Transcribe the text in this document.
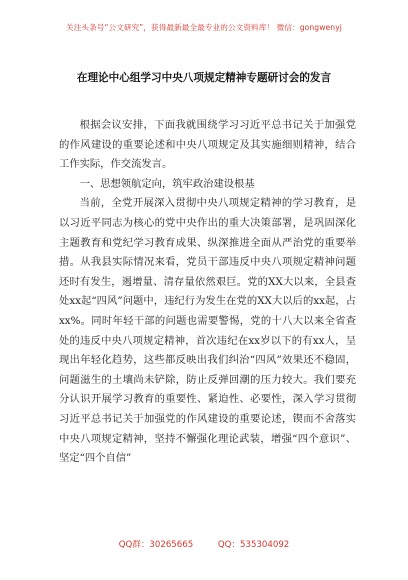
关注头条号“公文研究”，获得最新最全最专业的公文资料库！ 微信：gongwenyj
在理论中心组学习中央八项规定精神专题研讨会的发言

根据会议安排，下面我就围绕学习习近平总书记关于加强党的作风建设的重要论述和中央八项规定及其实施细则精神，结合工作实际，作交流发言。

一、思想领航定向，筑牢政治建设根基

当前，全党开展深入贯彻中央八项规定精神的学习教育，是以习近平同志为核心的党中央作出的重大决策部署，是巩固深化主题教育和党纪学习教育成果、纵深推进全面从严治党的重要举措。从我县实际情况来看，党员干部违反中央八项规定精神问题还时有发生，遏增量、清存量依然艰巨。党的XX大以来，全县查处xx起“四风”问题中，违纪行为发生在党的XX大以后的xx起，占xx%。同时年轻干部的问题也需要警惕，党的十八大以来全省查处的违反中央八项规定精神，首次违纪在xx岁以下的有xx人，呈现出年轻化趋势，这些都反映出我们纠治“四风”效果还不稳固，问题滋生的土壤尚未铲除，防止反弹回潮的压力较大。我们要充分认识开展学习教育的重要性、紧迫性、必要性，深入学习贯彻习近平总书记关于加强党的作风建设的重要论述，锲而不舍落实中央八项规定精神，坚持不懈强化理论武装，增强“四个意识”、坚定“四个自信”

QQ群：30265665	QQ：535304092
